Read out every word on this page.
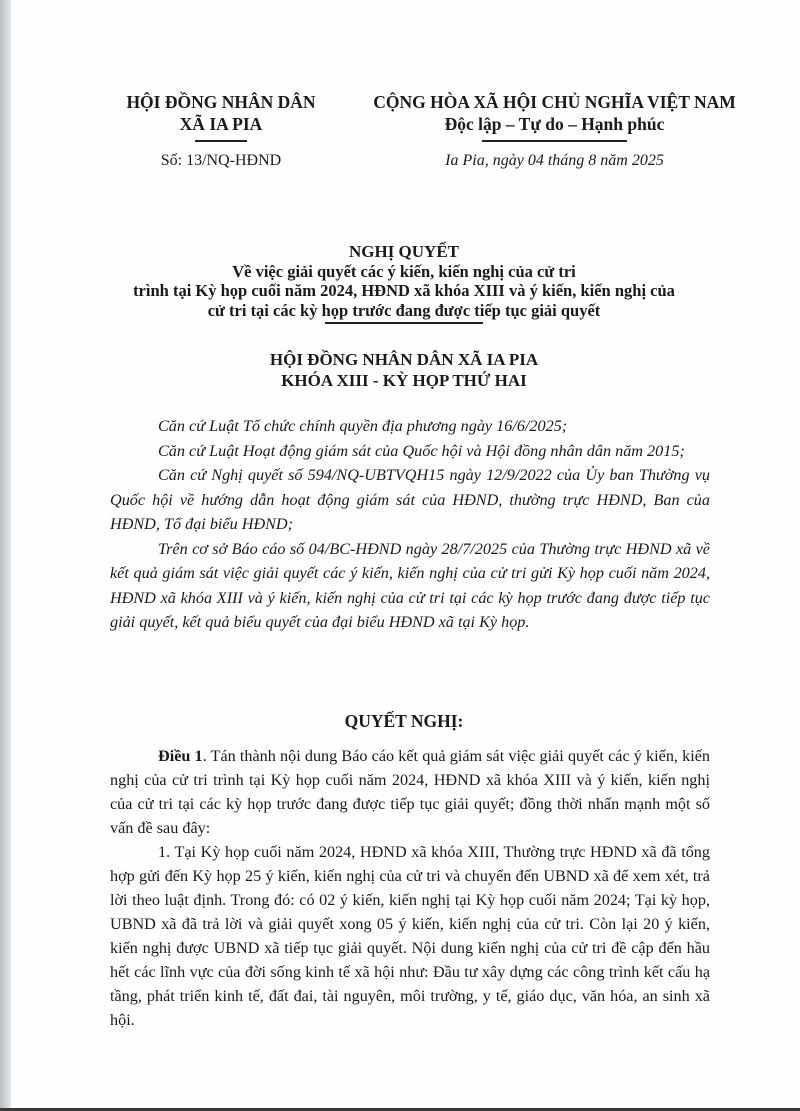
HỘI ĐỒNG NHÂN DÂN
XÃ IA PIA
CỘNG HÒA XÃ HỘI CHỦ NGHĨA VIỆT NAM
Độc lập – Tự do – Hạnh phúc
Số: 13/NQ-HĐND	Ia Pia, ngày 04 tháng 8 năm 2025
NGHỊ QUYẾT
Về việc giải quyết các ý kiến, kiến nghị của cử tri
trình tại Kỳ họp cuối năm 2024, HĐND xã khóa XIII và ý kiến, kiến nghị của
cử tri tại các kỳ họp trước đang được tiếp tục giải quyết
HỘI ĐỒNG NHÂN DÂN XÃ IA PIA
KHÓA XIII - KỲ HỌP THỨ HAI

Căn cứ Luật Tổ chức chính quyền địa phương ngày 16/6/2025;

Căn cứ Luật Hoạt động giám sát của Quốc hội và Hội đồng nhân dân năm 2015;

Căn cứ Nghị quyết số 594/NQ-UBTVQH15 ngày 12/9/2022 của Ủy ban Thường vụ Quốc hội về hướng dẫn hoạt động giám sát của HĐND, thường trực HĐND, Ban của HĐND, Tổ đại biểu HĐND;

Trên cơ sở Báo cáo số 04/BC-HĐND ngày 28/7/2025 của Thường trực HĐND xã về kết quả giám sát việc giải quyết các ý kiến, kiến nghị của cử tri gửi Kỳ họp cuối năm 2024, HĐND xã khóa XIII và ý kiến, kiến nghị của cử tri tại các kỳ họp trước đang được tiếp tục giải quyết, kết quả biểu quyết của đại biểu HĐND xã tại Kỳ họp.

QUYẾT NGHỊ:

Điều 1. Tán thành nội dung Báo cáo kết quả giám sát việc giải quyết các ý kiến, kiến nghị của cử tri trình tại Kỳ họp cuối năm 2024, HĐND xã khóa XIII và ý kiến, kiến nghị của cử tri tại các kỳ họp trước đang được tiếp tục giải quyết; đồng thời nhấn mạnh một số vấn đề sau đây:

1. Tại Kỳ họp cuối năm 2024, HĐND xã khóa XIII, Thường trực HĐND xã đã tổng hợp gửi đến Kỳ họp 25 ý kiến, kiến nghị của cử tri và chuyển đến UBND xã để xem xét, trả lời theo luật định. Trong đó: có 02 ý kiến, kiến nghị tại Kỳ họp cuối năm 2024; Tại kỳ họp, UBND xã đã trả lời và giải quyết xong 05 ý kiến, kiến nghị của cử tri. Còn lại 20 ý kiến, kiến nghị được UBND xã tiếp tục giải quyết. Nội dung kiến nghị của cử tri đề cập đến hầu hết các lĩnh vực của đời sống kinh tế xã hội như: Đầu tư xây dựng các công trình kết cấu hạ tầng, phát triển kinh tế, đất đai, tài nguyên, môi trường, y tế, giáo dục, văn hóa, an sinh xã hội.
